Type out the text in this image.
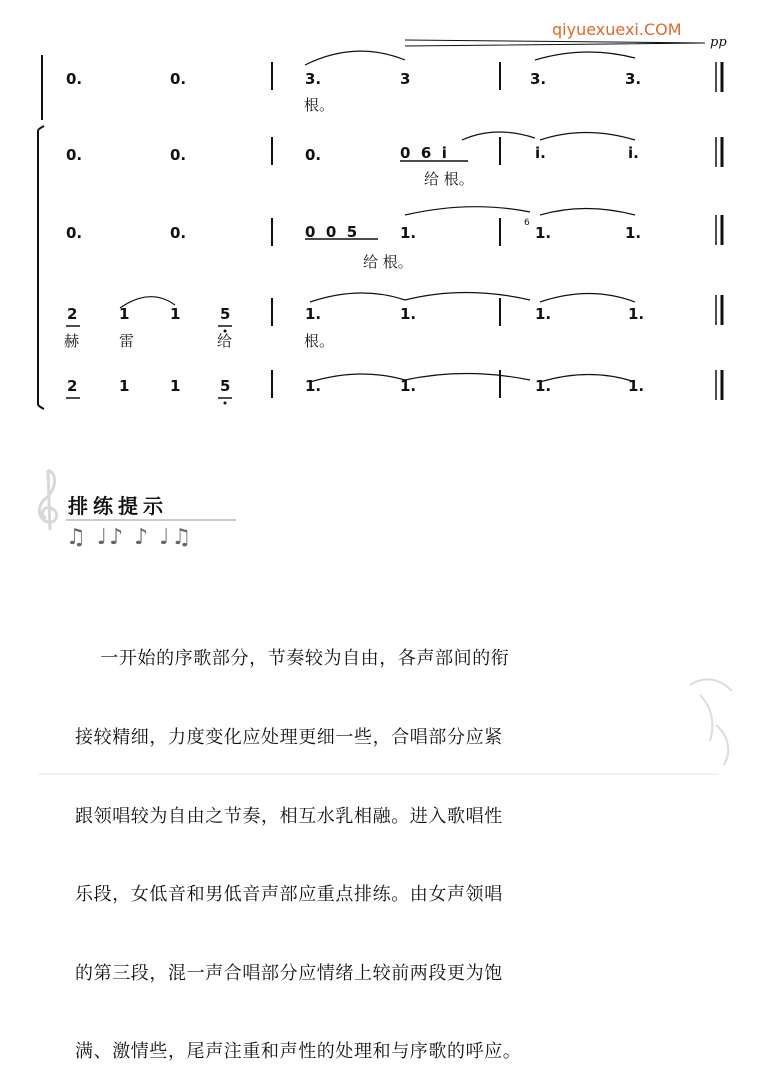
qiyuexuexi.COM
pp
6
0.	0.	3.	3	3.	3.
根。
0.	0.	0.	0  6  i	i.	i.
给 根。
0.	0.	0  0  5	1.	1.	1.
给 根。
2	1	1	5	1.	1.	1.	1.
赫	雷	给	根。
2	1	1	5	1.	1.	1.	1.
排练提示
♫ ♩♪ ♪ ♩♫

一开始的序歌部分，节奏较为自由，各声部间的衔

接较精细，力度变化应处理更细一些，合唱部分应紧

跟领唱较为自由之节奏，相互水乳相融。进入歌唱性

乐段，女低音和男低音声部应重点排练。由女声领唱

的第三段，混一声合唱部分应情绪上较前两段更为饱

满、激情些，尾声注重和声性的处理和与序歌的呼应。
